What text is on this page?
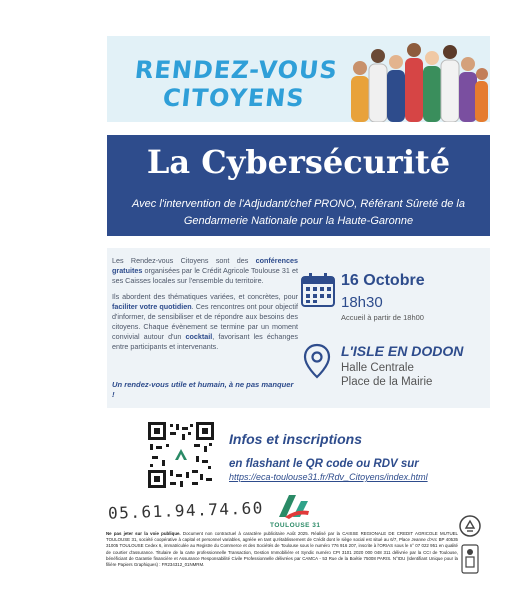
RENDEZ-VOUS
CITOYENS
La Cybersécurité
Avec l'intervention de l'Adjudant/chef PRONO, Référant Sûreté de la Gendarmerie Nationale pour la Haute-Garonne

Les Rendez-vous Citoyens sont des conférences gratuites organisées par le Crédit Agricole Toulouse 31 et ses Caisses locales sur l'ensemble du territoire.

Ils abordent des thématiques variées, et concrètes, pour faciliter votre quotidien. Ces rencontres ont pour objectif d'informer, de sensibiliser et de répondre aux besoins des citoyens. Chaque évènement se termine par un moment convivial autour d'un cocktail, favorisant les échanges entre participants et intervenants.

Un rendez-vous utile et humain, à ne pas manquer !
16 Octobre
18h30
Accueil à partir de 18h00
L'ISLE EN DODON
Halle Centrale
Place de la Mairie
Infos et inscriptions
en flashant le QR code ou RDV sur
https://eca-toulouse31.fr/Rdv_Citoyens/index.html
05.61.94.74.60
TOULOUSE 31
Ne pas jeter sur la voie publique. Document non contractuel à caractère publicitaire Août 2025. Réalisé par la CAISSE REGIONALE DE CREDIT AGRICOLE MUTUEL TOULOUSE 31, société coopérative à capital et personnel variables, agréée en tant qu'établissement de Crédit dont le siège social est situé au 6/7, Place Jeanne d'Arc BP 40535 31005 TOULOUSE Cedex 6, immatriculée au Registre du Commerce et des Sociétés de Toulouse sous le numéro 776 916 207, inscrite à l'ORIAS sous le n° 07 022 951 en qualité de courtier d'assurance. Titulaire de la carte professionnelle Transaction, Gestion Immobilière et Syndic numéro CPI 3101 2020 000 048 311 délivrée par la CCI de Toulouse, bénéficiant de Garantie financière et Assurance Responsabilité Civile Professionnelle délivrées par CAMCA - 53 Rue de la Boétie 75008 PARIS. N°IDU (Identifiant Unique pour la filière Papiers Graphiques) : FR234312_01NMRM.
